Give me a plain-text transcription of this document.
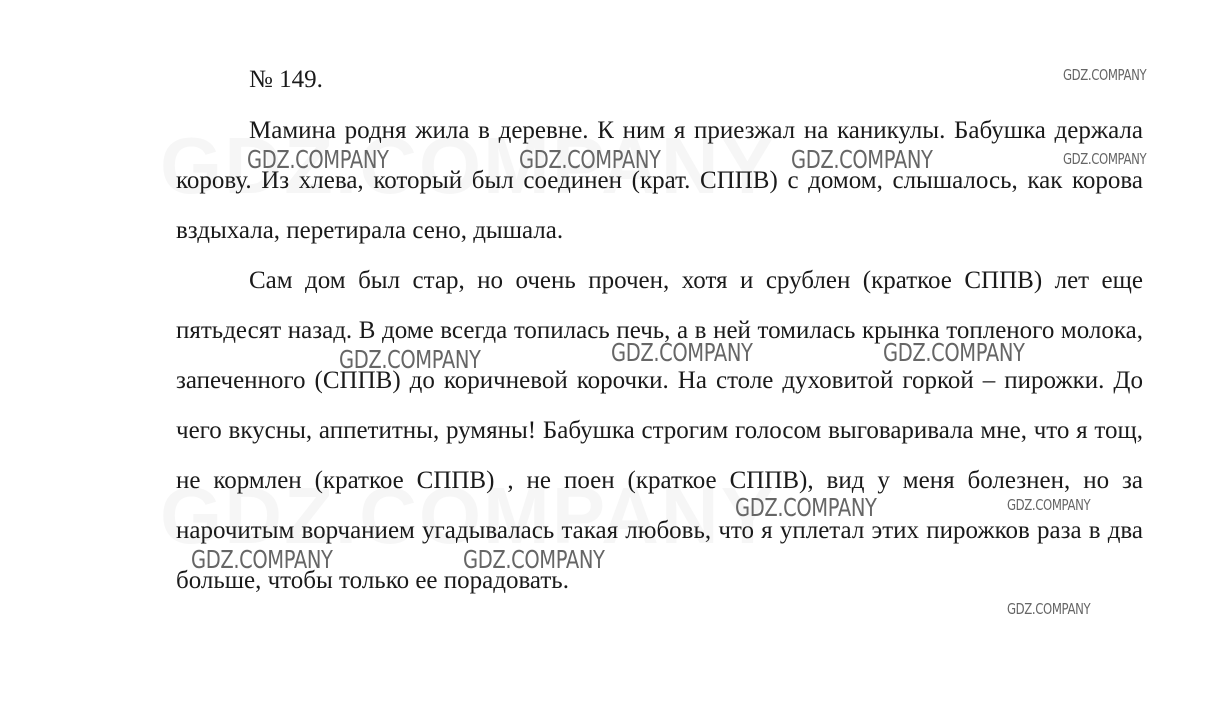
№ 149.

Мамина родня жила в деревне. К ним я приезжал на каникулы. Бабушка держала корову. Из хлева, который был соединен (крат. СППВ) с домом, слышалось, как корова вздыхала, перетирала сено, дышала.

Сам дом был стар, но очень прочен, хотя и срублен (краткое СППВ) лет еще пятьдесят назад. В доме всегда топилась печь, а в ней томилась крынка топленого молока, запеченного (СППВ) до коричневой корочки. На столе духовитой горкой – пирожки. До чего вкусны, аппетитны, румяны! Бабушка строгим голосом выговаривала мне, что я тощ, не кормлен (краткое СППВ) , не поен (краткое СППВ), вид у меня болезнен, но за нарочитым ворчанием угадывалась такая любовь, что я уплетал этих пирожков раза в два больше, чтобы только ее порадовать.

GDZ.COMPANY
GDZ.COMPANY	GDZ.COMPANY	GDZ.COMPANY	GDZ.COMPANY
GDZ.COMPANY	GDZ.COMPANY	GDZ.COMPANY
GDZ.COMPANY	GDZ.COMPANY
GDZ.COMPANY	GDZ.COMPANY
GDZ.COMPANY
